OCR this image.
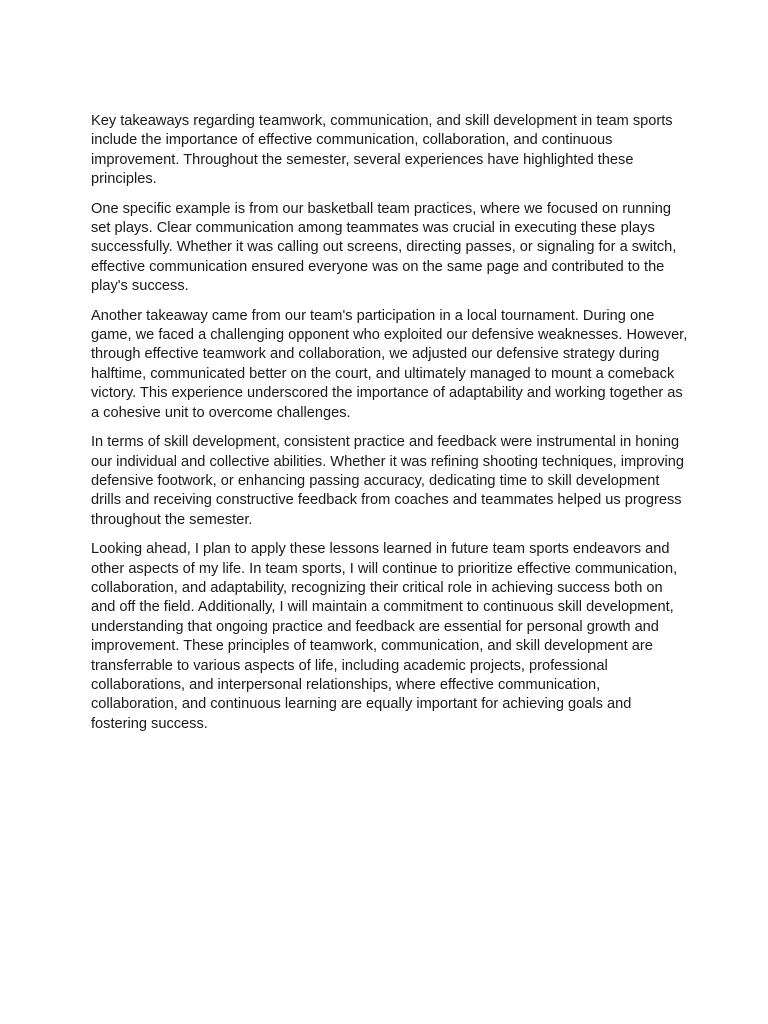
Key takeaways regarding teamwork, communication, and skill development in team sports include the importance of effective communication, collaboration, and continuous improvement. Throughout the semester, several experiences have highlighted these principles.

One specific example is from our basketball team practices, where we focused on running set plays. Clear communication among teammates was crucial in executing these plays successfully. Whether it was calling out screens, directing passes, or signaling for a switch, effective communication ensured everyone was on the same page and contributed to the play's success.

Another takeaway came from our team's participation in a local tournament. During one game, we faced a challenging opponent who exploited our defensive weaknesses. However, through effective teamwork and collaboration, we adjusted our defensive strategy during halftime, communicated better on the court, and ultimately managed to mount a comeback victory. This experience underscored the importance of adaptability and working together as a cohesive unit to overcome challenges.

In terms of skill development, consistent practice and feedback were instrumental in honing our individual and collective abilities. Whether it was refining shooting techniques, improving defensive footwork, or enhancing passing accuracy, dedicating time to skill development drills and receiving constructive feedback from coaches and teammates helped us progress throughout the semester.

Looking ahead, I plan to apply these lessons learned in future team sports endeavors and other aspects of my life. In team sports, I will continue to prioritize effective communication, collaboration, and adaptability, recognizing their critical role in achieving success both on and off the field. Additionally, I will maintain a commitment to continuous skill development, understanding that ongoing practice and feedback are essential for personal growth and improvement. These principles of teamwork, communication, and skill development are transferrable to various aspects of life, including academic projects, professional collaborations, and interpersonal relationships, where effective communication, collaboration, and continuous learning are equally important for achieving goals and fostering success.
